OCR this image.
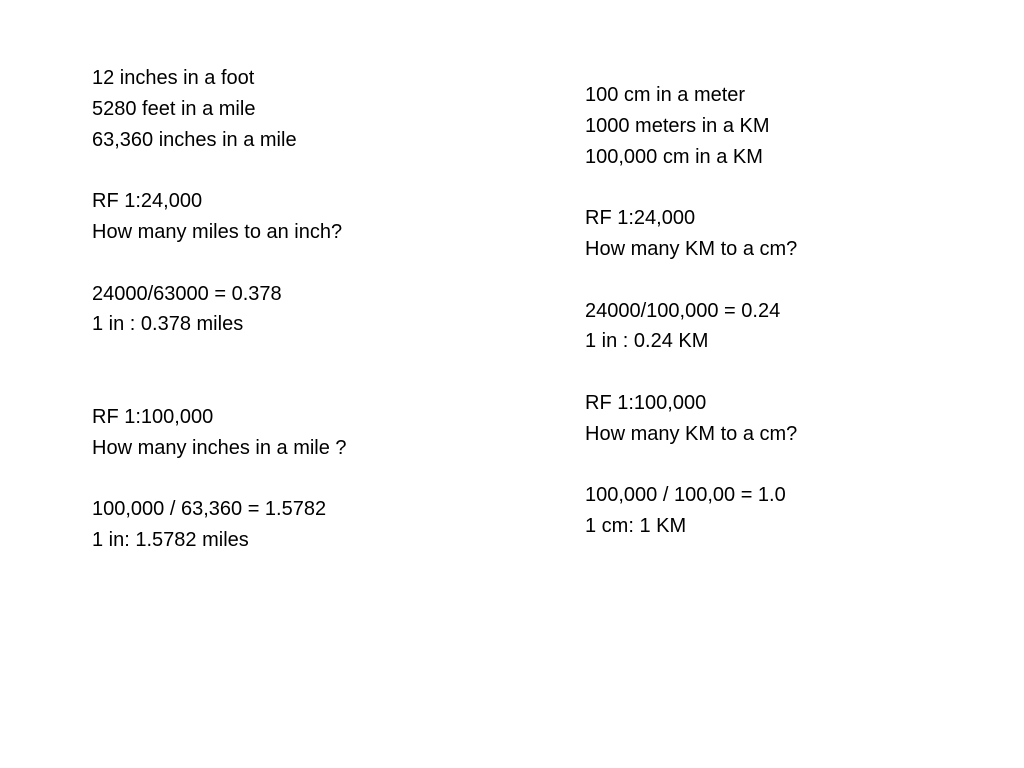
12 inches in a foot
5280 feet in a mile
63,360 inches in a mile
RF 1:24,000
How many miles to an inch?
24000/63000 = 0.378
1 in : 0.378 miles
RF 1:100,000
How many inches in a mile ?
100,000 / 63,360 = 1.5782
1 in: 1.5782 miles
100 cm in a meter
1000 meters in a KM
100,000 cm in a KM
RF 1:24,000
How many KM to a cm?
24000/100,000 = 0.24
1 in : 0.24 KM
RF 1:100,000
How many KM to a cm?
100,000 / 100,00 = 1.0
1 cm: 1 KM
